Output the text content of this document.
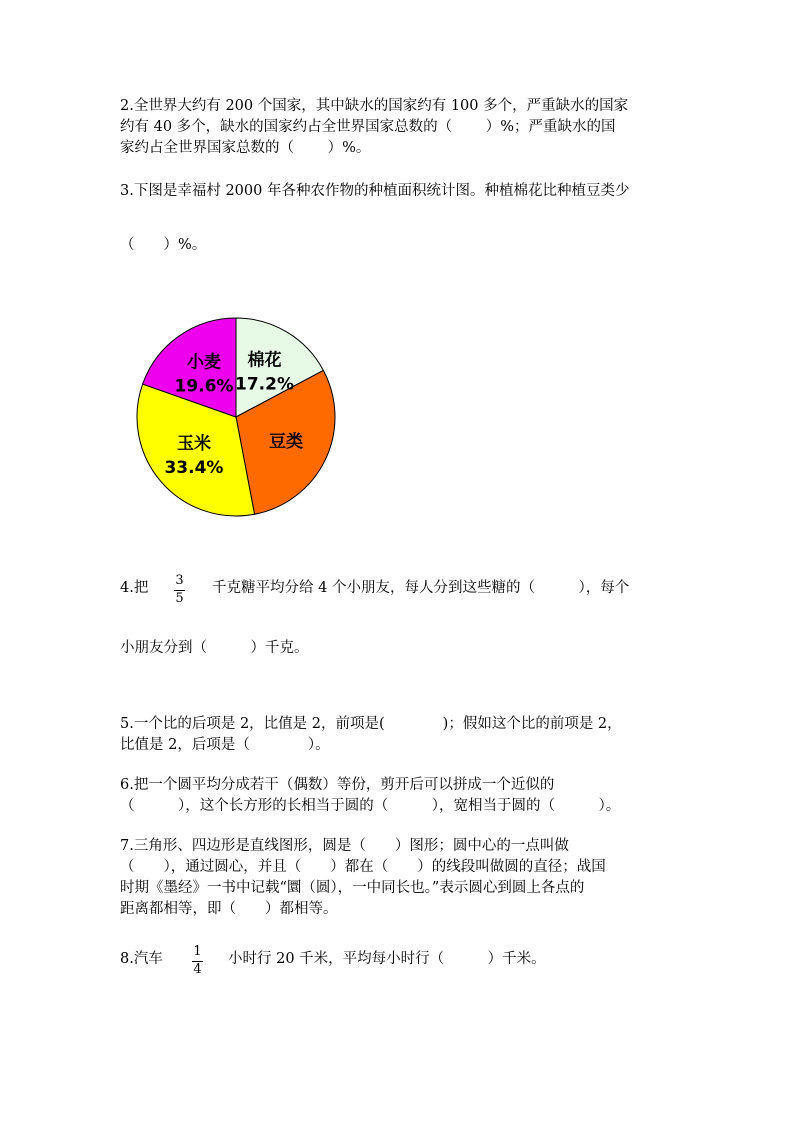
2.全世界大约有 200 个国家，其中缺水的国家约有 100 多个，严重缺水的国家
约有 40 多个，缺水的国家约占全世界国家总数的（　　 ）%；严重缺水的国
家约占全世界国家总数的（　　 ）%。
3.下图是幸福村 2000 年各种农作物的种植面积统计图。种植棉花比种植豆类少
（　　）%。
棉花
17.2%
豆类
玉米
33.4%
小麦
19.6%
4.把 3
5
千克糖平均分给 4 个小朋友，每人分到这些糖的（　　　），每个
小朋友分到（　　　）千克。
5.一个比的后项是 2，比值是 2，前项是(　　　　)；假如这个比的前项是 2，
比值是 2，后项是（　　　　）。
6.把一个圆平均分成若干（偶数）等份，剪开后可以拼成一个近似的
（　　　），这个长方形的长相当于圆的（　　　），宽相当于圆的（　　　）。
7.三角形、四边形是直线图形，圆是（　　）图形；圆中心的一点叫做
（　　），通过圆心，并且（　　）都在（　　）的线段叫做圆的直径；战国
时期《墨经》一书中记载“圜（圆），一中同长也。”表示圆心到圆上各点的
距离都相等，即（　　）都相等。
8.汽车 1
4
小时行 20 千米，平均每小时行（　　　）千米。
